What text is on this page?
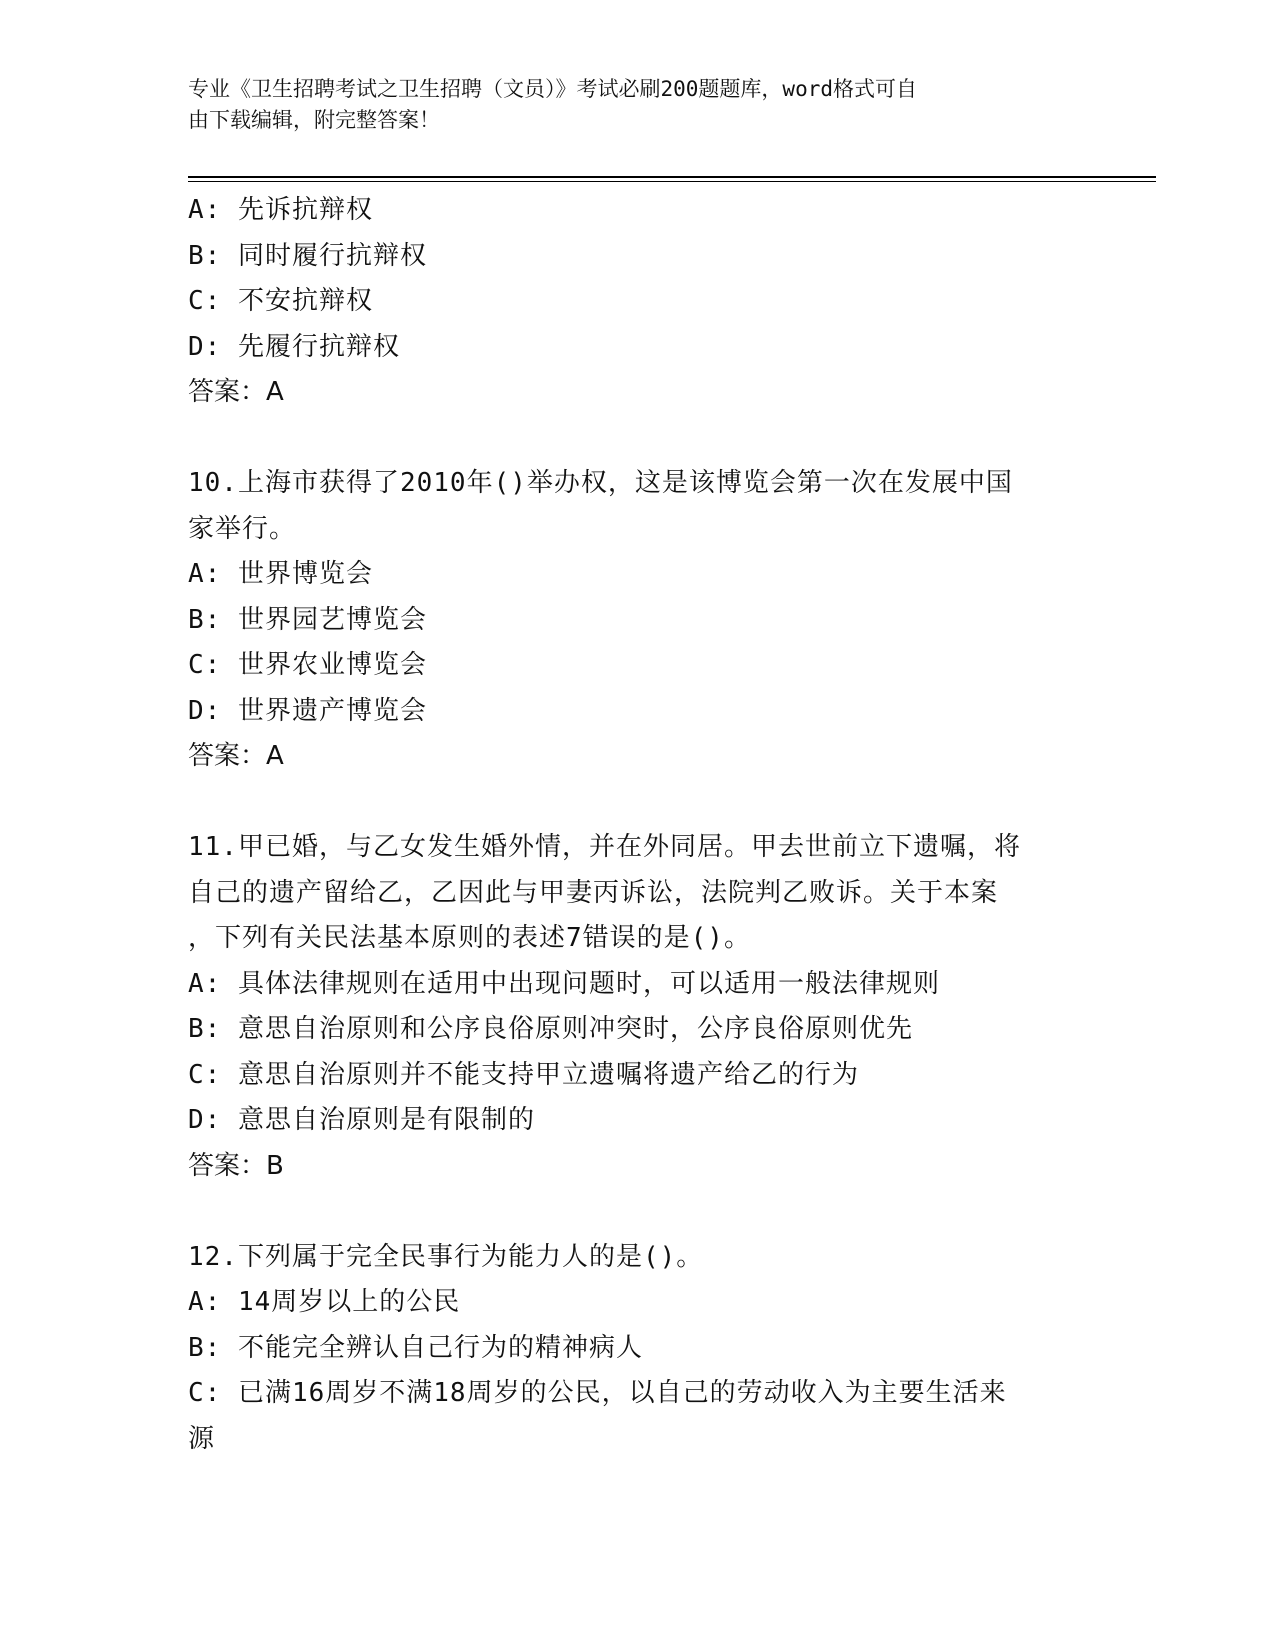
专业《卫生招聘考试之卫生招聘（文员）》考试必刷200题题库，word格式可自
由下载编辑，附完整答案！

A: 先诉抗辩权

B: 同时履行抗辩权

C: 不安抗辩权

D: 先履行抗辩权

答案：A

10.上海市获得了2010年()举办权，这是该博览会第一次在发展中国

家举行。

A: 世界博览会

B: 世界园艺博览会

C: 世界农业博览会

D: 世界遗产博览会

答案：A

11.甲已婚，与乙女发生婚外情，并在外同居。甲去世前立下遗嘱，将

自己的遗产留给乙，乙因此与甲妻丙诉讼，法院判乙败诉。关于本案

，下列有关民法基本原则的表述7错误的是()。

A: 具体法律规则在适用中出现问题时，可以适用一般法律规则

B: 意思自治原则和公序良俗原则冲突时，公序良俗原则优先

C: 意思自治原则并不能支持甲立遗嘱将遗产给乙的行为

D: 意思自治原则是有限制的

答案：B

12.下列属于完全民事行为能力人的是()。

A: 14周岁以上的公民

B: 不能完全辨认自己行为的精神病人

C: 已满16周岁不满18周岁的公民，以自己的劳动收入为主要生活来

源
